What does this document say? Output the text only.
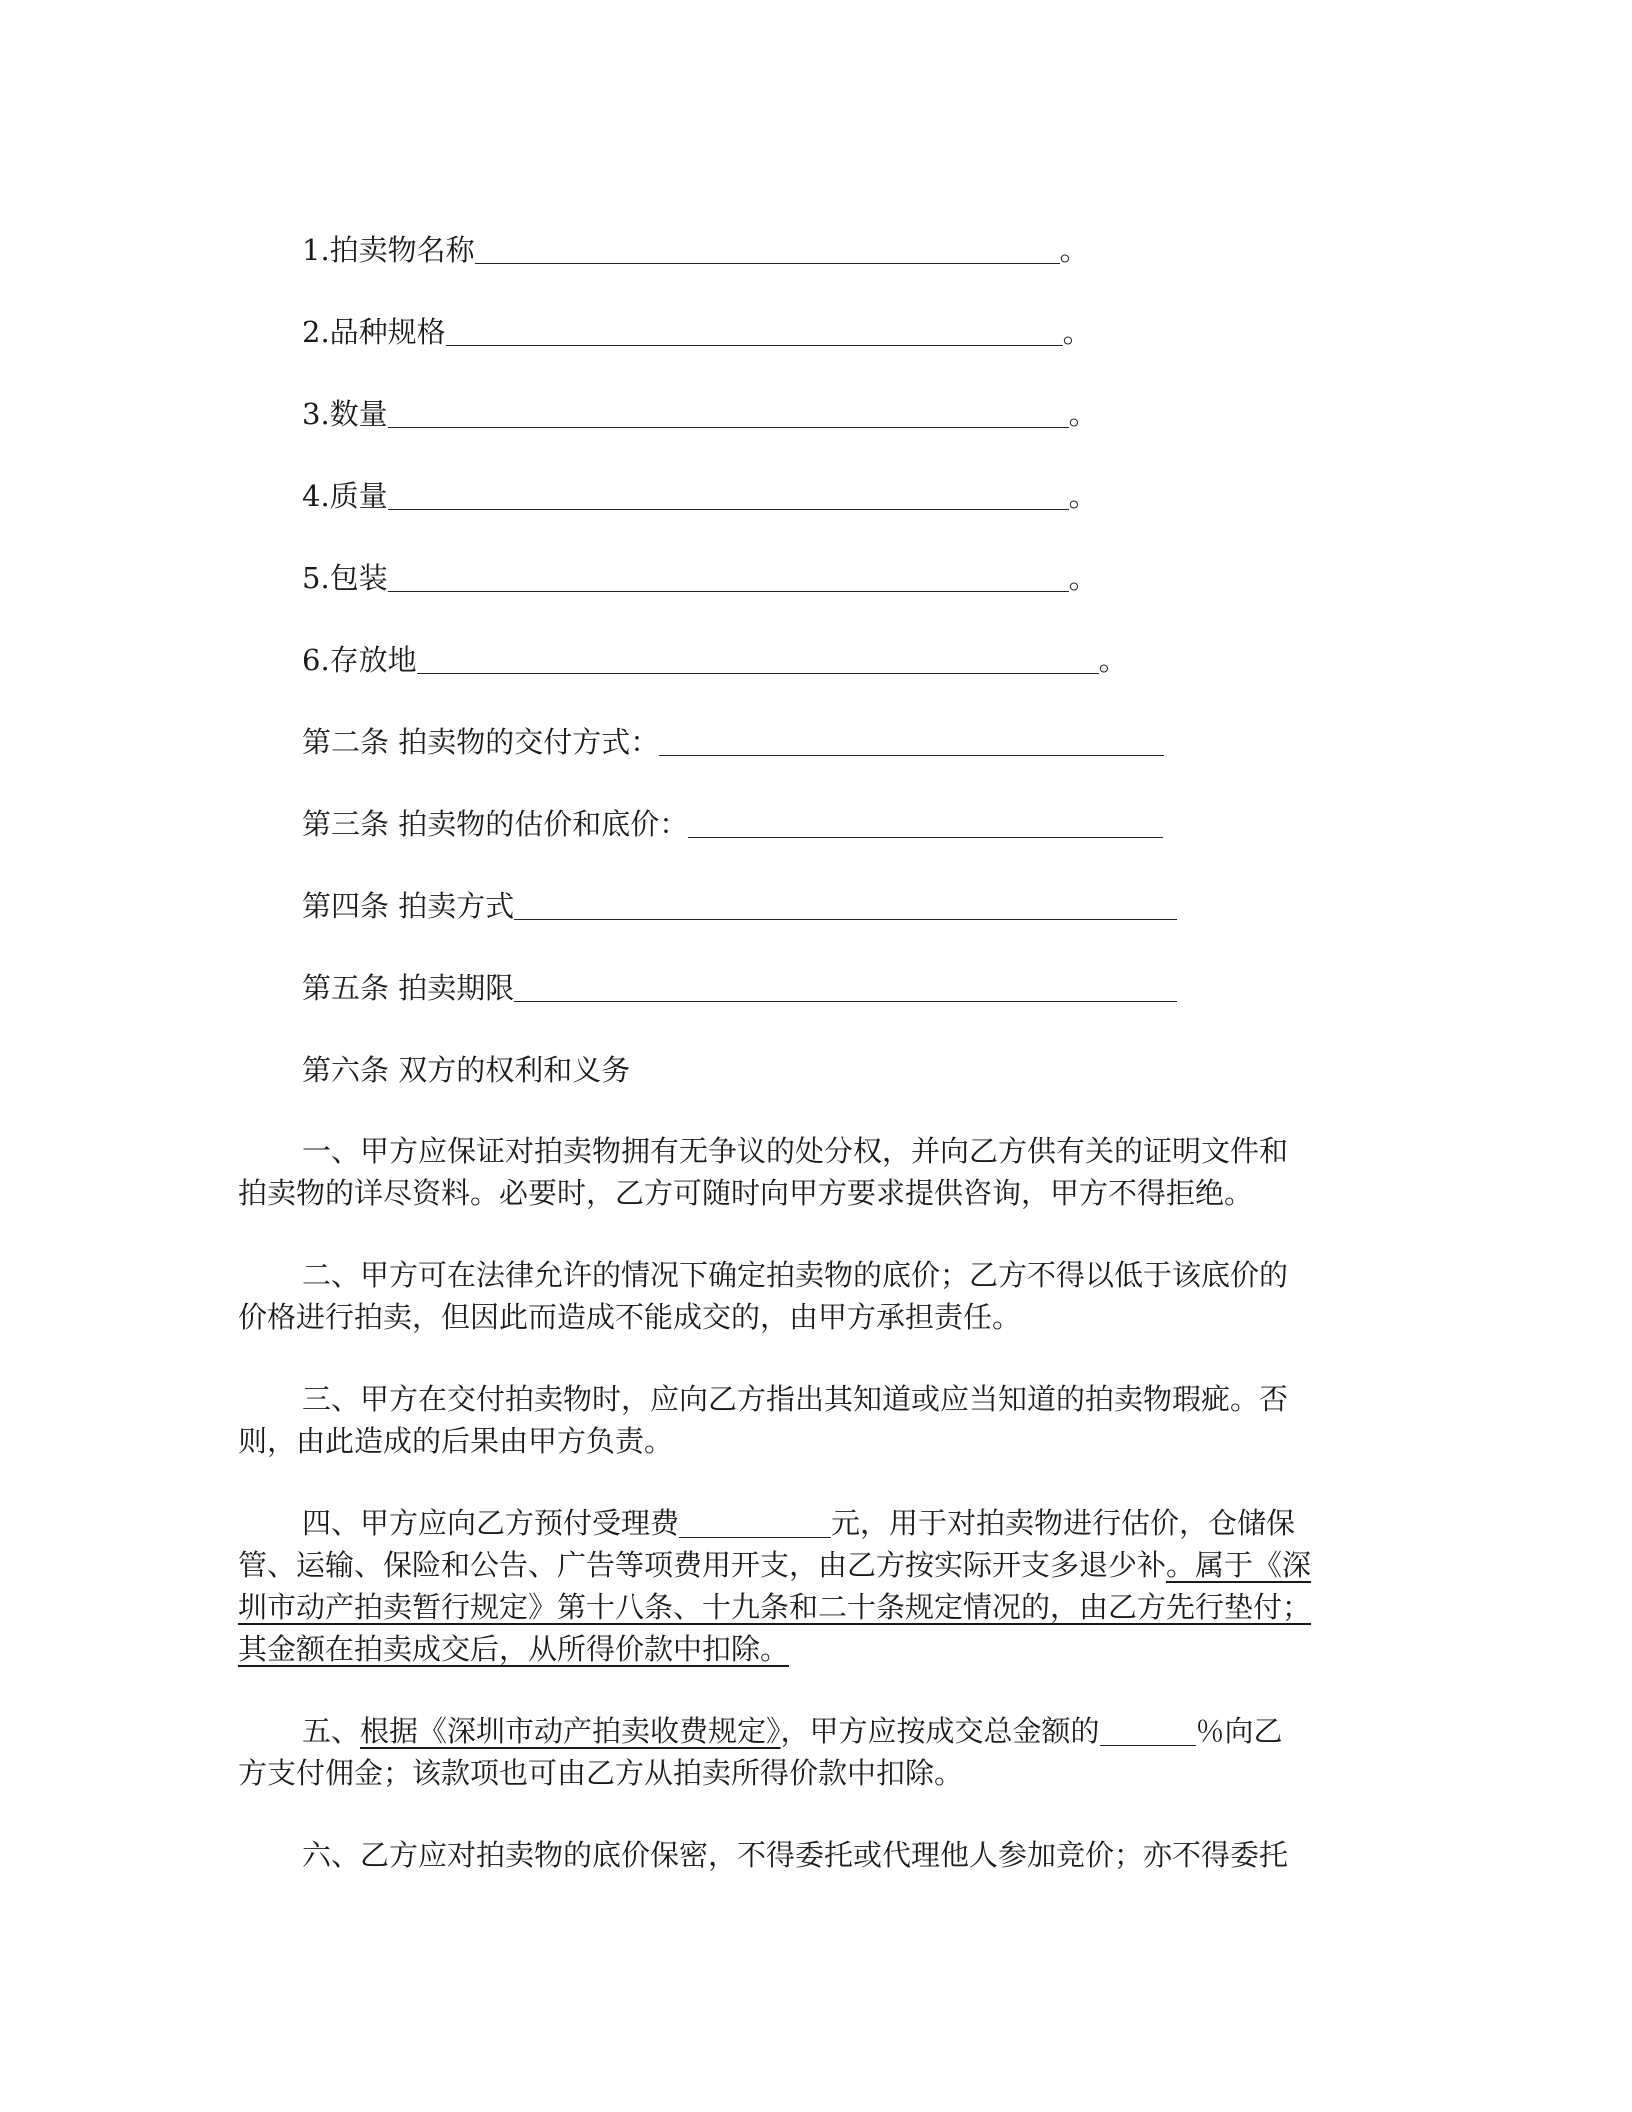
1.拍卖物名称	。
2.品种规格	。
3.数量	。
4.质量	。
5.包装	。
6.存放地	。
第二条 拍卖物的交付方式：
第三条 拍卖物的估价和底价：
第四条 拍卖方式
第五条 拍卖期限
第六条 双方的权利和义务
一、甲方应保证对拍卖物拥有无争议的处分权，并向乙方供有关的证明文件和
拍卖物的详尽资料。必要时，乙方可随时向甲方要求提供咨询，甲方不得拒绝。
二、甲方可在法律允许的情况下确定拍卖物的底价；乙方不得以低于该底价的
价格进行拍卖，但因此而造成不能成交的，由甲方承担责任。
三、甲方在交付拍卖物时，应向乙方指出其知道或应当知道的拍卖物瑕疵。否
则，由此造成的后果由甲方负责。
四、甲方应向乙方预付受理费	元，用于对拍卖物进行估价，仓储保
管、运输、保险和公告、广告等项费用开支，由乙方按实际开支多退少补。属于《深
圳市动产拍卖暂行规定》第十八条、十九条和二十条规定情况的，由乙方先行垫付；
其金额在拍卖成交后，从所得价款中扣除。
五、根据《深圳市动产拍卖收费规定》，甲方应按成交总金额的	％向乙
方支付佣金；该款项也可由乙方从拍卖所得价款中扣除。
六、乙方应对拍卖物的底价保密，不得委托或代理他人参加竞价；亦不得委托
